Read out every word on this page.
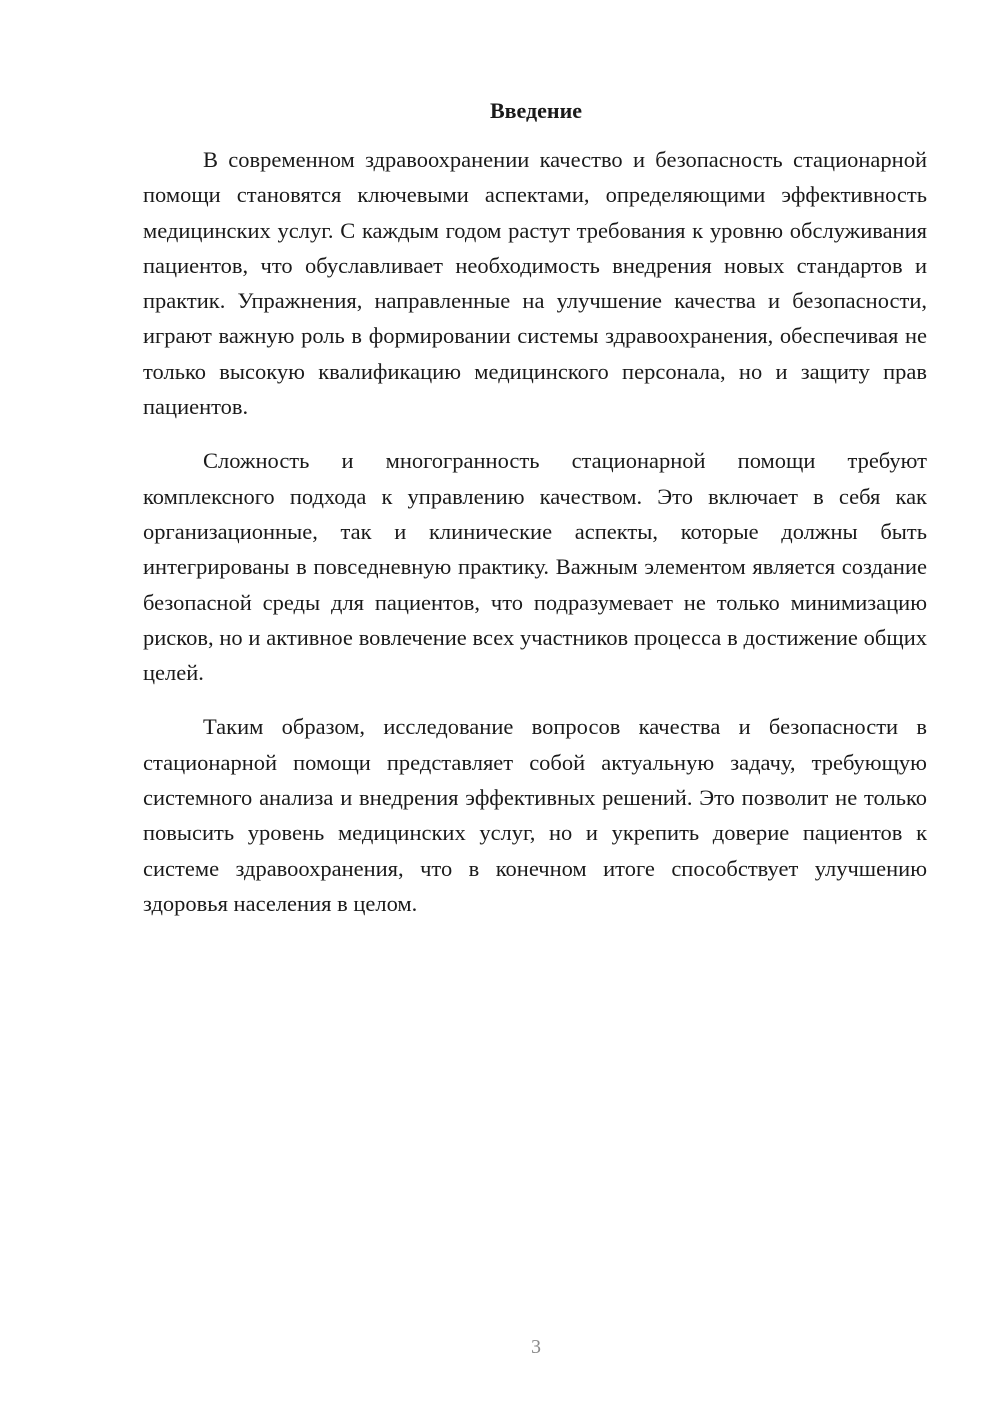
Введение

В современном здравоохранении качество и безопасность стационарной помощи становятся ключевыми аспектами, определяющими эффективность медицинских услуг. С каждым годом растут требования к уровню обслуживания пациентов, что обуславливает необходимость внедрения новых стандартов и практик. Упражнения, направленные на улучшение качества и безопасности, играют важную роль в формировании системы здравоохранения, обеспечивая не только высокую квалификацию медицинского персонала, но и защиту прав пациентов.

Сложность и многогранность стационарной помощи требуют комплексного подхода к управлению качеством. Это включает в себя как организационные, так и клинические аспекты, которые должны быть интегрированы в повседневную практику. Важным элементом является создание безопасной среды для пациентов, что подразумевает не только минимизацию рисков, но и активное вовлечение всех участников процесса в достижение общих целей.

Таким образом, исследование вопросов качества и безопасности в стационарной помощи представляет собой актуальную задачу, требующую системного анализа и внедрения эффективных решений. Это позволит не только повысить уровень медицинских услуг, но и укрепить доверие пациентов к системе здравоохранения, что в конечном итоге способствует улучшению здоровья населения в целом.

3
